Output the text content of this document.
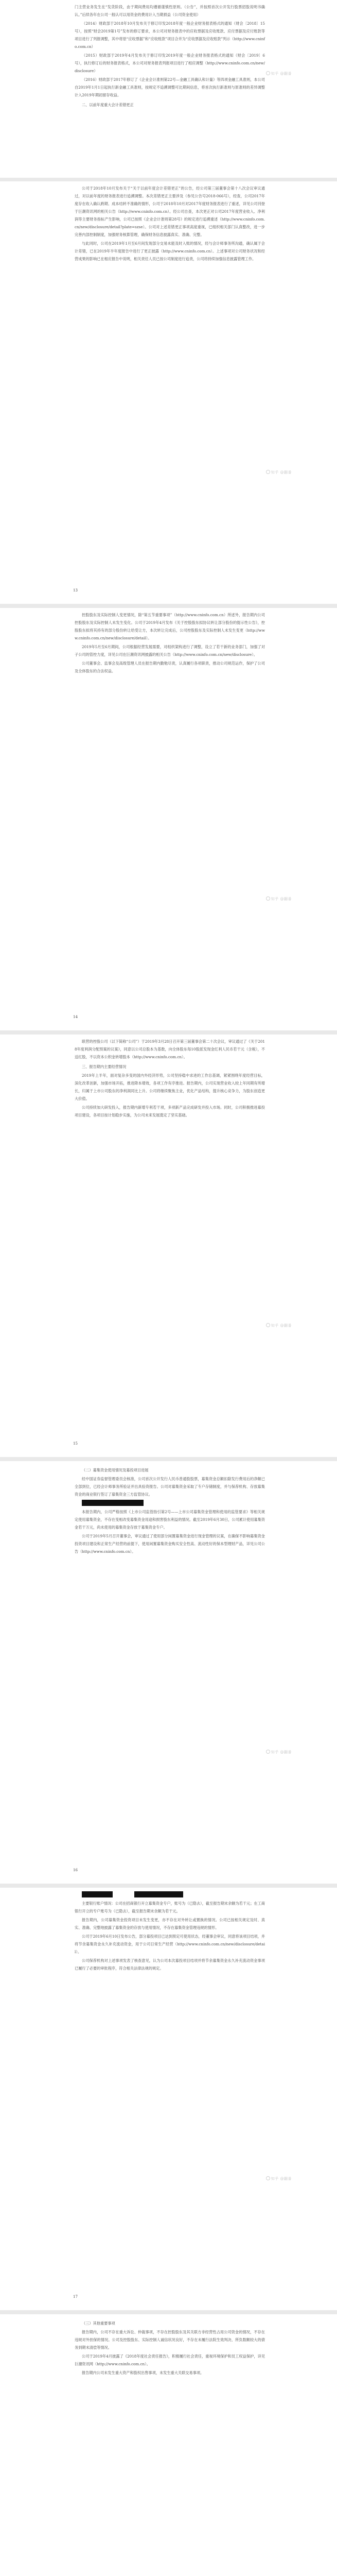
门主营业务发生在“发货阶段，由于期间费用均遵循谨慎性原则。（公告”，并按照首次公开发行股票招股说明书确认。”后续各年在公司一般认可以用资金的费用计入当期损益（公司资金使用）

（2014）财政部于2018年10月发布关于修订印发2018年度一般企业财务报表格式的通知（财会〔2018〕15号），按照“财会2019第1号”发布的修订要求，本公司对财务报表中的应收票据及应收账款、应付票据及应付账款等项目进行了列报调整，其中将原“应收票据”和“应收账款”项目合并为“应收票据及应收账款”列示（http://www.cninfo.com.cn）

（2015）财政部于2019年4月发布关于修订印发2019年度一般企业财务报表格式的通知（财会〔2019〕6号），执行修订后的财务报表格式，本公司对财务报表列报项目进行了相应调整（http://www.cninfo.com.cn/new/disclosure）

（2016）财政部于2017年修订了《企业会计准则第22号—金融工具确认和计量》等四项金融工具准则，本公司自2019年1月1日起执行新金融工具准则，按规定不追溯调整可比期间信息，将首次执行新准则与原准则的差异调整计入2019年期初留存收益。

二、以前年度重大会计差错更正

知乎 @翻番

公司于2018年10月发布关于“关于以前年度会计差错更正”的公告，经公司第三届董事会第十八次会议审议通过，对以前年度的财务报表进行追溯调整。本次差错更正主要涉及（参见公告号2018-066号），经查，公司2017年度存在收入确认跨期、成本结转不准确的情形，公司于2018年10月对2017年度财务报表进行了重述，详见公司刊登于巨潮资讯网的相关公告（http://www.cninfo.com.cn）。经公司自查，本次更正对公司2017年度营业收入、净利润等主要财务指标产生影响，公司已按照《企业会计准则第28号》的规定进行追溯重述（http://www.cninfo.com.cn/new/disclosure/detail?plate=szse）。公司对上述差错更正事项高度重视，已组织相关部门认真整改，进一步完善内部控制制度，加强财务核算管理，确保财务信息披露真实、准确、完整。

与此同时，公司在2019年1月至6月间发现部分交易未能及时入账的情况，经与会计师事务所沟通，确认属于会计差错，已在2019年半年度报告中进行了更正披露（http://www.cninfo.com.cn）。上述事项对公司财务状况和经营成果的影响已在相应报告中说明，相关责任人员已按公司制度进行追责，公司将持续加强信息披露管理工作。

知乎 @翻番
13

控股股东及实际控制人变更情况，除“第五节重要事项”（http://www.cninfo.com.cn）所述外，报告期内公司控股股东及实际控制人未发生变化。公司于2019年4月发布《关于控股股东拟协议转让部分股份的提示性公告》，控股股东拟将其持有的部分股份转让给受让方，本次转让完成后，公司控股股东及实际控制人未发生变更（http://www.cninfo.com.cn/new/disclosure/detail）。

2019年5月至6月期间，公司根据经营发展需要，对组织架构进行了调整，设立了若干新的业务部门，加强了对子公司的管控力度，详见公司在巨潮资讯网披露的相关公告（http://www.cninfo.com.cn/new/disclosure）。

公司董事会、监事会及高级管理人员在报告期内勤勉尽责，认真履行各项职责，推动公司规范运作，保护了公司及全体股东的合法权益。

知乎 @翻番
14

联营的控股公司（以下简称“公司”）于2019年3月28日召开第三届董事会第二十次会议，审议通过了《关于2018年度利润分配预案的议案》，同意以公司总股本为基数，向全体股东每10股派发现金红利人民币若干元（含税），不送红股，不以资本公积金转增股本（http://www.cninfo.com.cn）。

三、报告期内主要经营情况

2019年上半年，面对复杂多变的国内外经济形势，公司坚持稳中求进的工作总基调，紧紧围绕年度经营目标，深化改革创新，加强市场开拓，推进降本增效，各项工作有序推进。报告期内，公司实现营业收入较上年同期有所增长，归属于上市公司股东的净利润同比上升。公司将继续聚焦主业，优化产品结构，提升核心竞争力，为股东创造更大价值。

公司持续加大研发投入，报告期内新增专利若干项，多项新产品完成研发并投入市场。同时，公司积极推进募投项目建设，各项目按计划稳步实施，为公司未来发展奠定了坚实基础。

知乎 @翻番
15

（二）募集资金使用情况及募投项目进展

经中国证券监督管理委员会核准，公司首次公开发行人民币普通股股票，募集资金总额扣除发行费用后的净额已全部到位，已经会计师事务所验证并出具验资报告。公司对募集资金采取了专户存储制度，并与保荐机构、存放募集资金的商业银行签订了募集资金三方监管协议。

本报告期内，公司严格按照《上市公司监管指引第2号——上市公司募集资金管理和使用的监管要求》等相关规定使用募集资金，不存在变相改变募集资金用途和损害股东利益的情况。截至2019年6月30日，公司累计使用募集资金若干万元，尚未使用的募集资金存放于募集资金专户。

公司于2019年5月召开董事会，审议通过了使用部分闲置募集资金进行现金管理的议案，在确保不影响募集资金投资项目建设和正常生产经营的前提下，使用闲置募集资金购买安全性高、流动性好的保本型理财产品，详见公司公告（http://www.cninfo.com.cn）。

知乎 @翻番
16

主要银行账户情况：公司在招商银行开立募集资金专户，账号为（已隐去），截至报告期末余额为若干元；在工商银行开立的专户账号为（已隐去），截至报告期末余额为若干元。

报告期内，公司募集资金投资项目未发生变更，亦不存在对外转让或置换的情况。公司已按相关规定及时、真实、准确、完整地披露了募集资金的存放与使用情况，不存在募集资金管理违规的情形。

公司于2019年6月10日发布公告，部分募投项目已达到预定可使用状态，经董事会审议，同意将该项目结项，并将节余募集资金永久补充流动资金，用于公司日常生产经营（http://www.cninfo.com.cn/new/disclosure/detail）。

公司保荐机构对上述事项发表了核查意见，认为公司本次募投项目结项并将节余募集资金永久补充流动资金事项已履行了必要的审批程序，符合相关法律法规的规定。

知乎 @翻番
17

（三）其他重要事项

报告期内，公司不存在重大诉讼、仲裁事项，不存在控股股东及其关联方非经营性占用公司资金的情况，不存在违规对外担保的情况。公司及控股股东、实际控制人诚信状况良好，不存在未履行法院生效判决、所负数额较大的债务到期未清偿等情况。

公司于2019年4月披露了《2018年度社会责任报告》，积极履行社会责任，重视环境保护和员工权益保护，详见巨潮资讯网（http://www.cninfo.com.cn）。

报告期内公司未发生重大资产和股权出售事项，未发生重大关联交易事项。
